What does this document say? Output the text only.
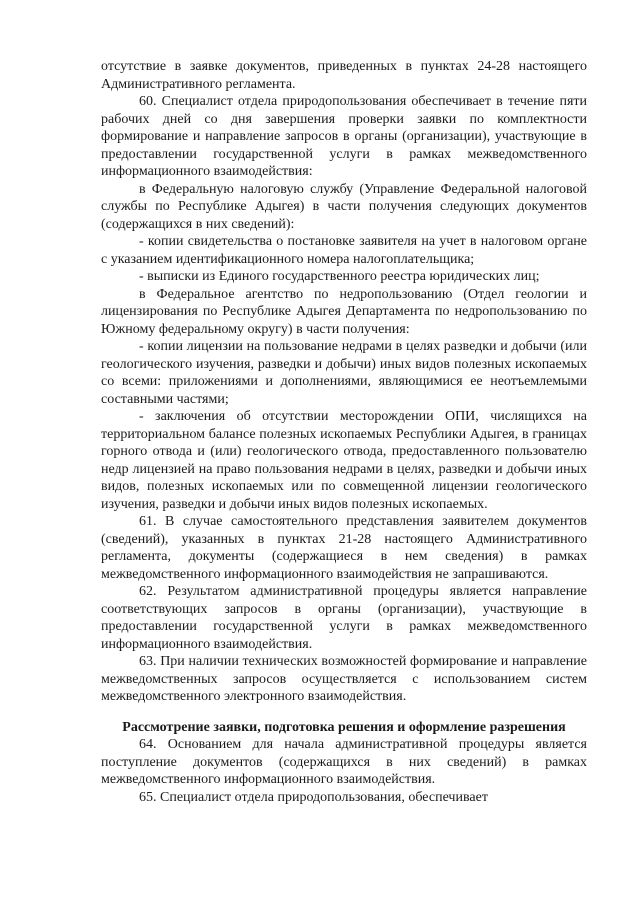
отсутствие в заявке документов, приведенных в пунктах 24-28 настоящего Административного регламента.

60. Специалист отдела природопользования обеспечивает в течение пяти рабочих дней со дня завершения проверки заявки по комплектности формирование и направление запросов в органы (организации), участвующие в предоставлении государственной услуги в рамках межведомственного информационного взаимодействия:

в Федеральную налоговую службу (Управление Федеральной налоговой службы по Республике Адыгея) в части получения следующих документов (содержащихся в них сведений):

- копии свидетельства о постановке заявителя на учет в налоговом органе с указанием идентификационного номера налогоплательщика;

- выписки из Единого государственного реестра юридических лиц;

в Федеральное агентство по недропользованию (Отдел геологии и лицензирования по Республике Адыгея Департамента по недропользованию по Южному федеральному округу) в части получения:

- копии лицензии на пользование недрами в целях разведки и добычи (или геологического изучения, разведки и добычи) иных видов полезных ископаемых со всеми: приложениями и дополнениями, являющимися ее неотъемлемыми составными частями;

- заключения об отсутствии месторождении ОПИ, числящихся на территориальном балансе полезных ископаемых Республики Адыгея, в границах горного отвода и (или) геологического отвода, предоставленного пользователю недр лицензией на право пользования недрами в целях, разведки и добычи иных видов, полезных ископаемых или по совмещенной лицензии геологического изучения, разведки и добычи иных видов полезных ископаемых.

61. В случае самостоятельного представления заявителем документов (сведений), указанных в пунктах 21-28 настоящего Административного регламента, документы (содержащиеся в нем сведения) в рамках межведомственного информационного взаимодействия не запрашиваются.

62. Результатом административной процедуры является направление соответствующих запросов в органы (организации), участвующие в предоставлении государственной услуги в рамках межведомственного информационного взаимодействия.

63. При наличии технических возможностей формирование и направление межведомственных запросов осуществляется с использованием систем межведомственного электронного взаимодействия.

Рассмотрение заявки, подготовка решения и оформление разрешения

64. Основанием для начала административной процедуры является поступление документов (содержащихся в них сведений) в рамках межведомственного информационного взаимодействия.

65. Специалист отдела природопользования, обеспечивает
